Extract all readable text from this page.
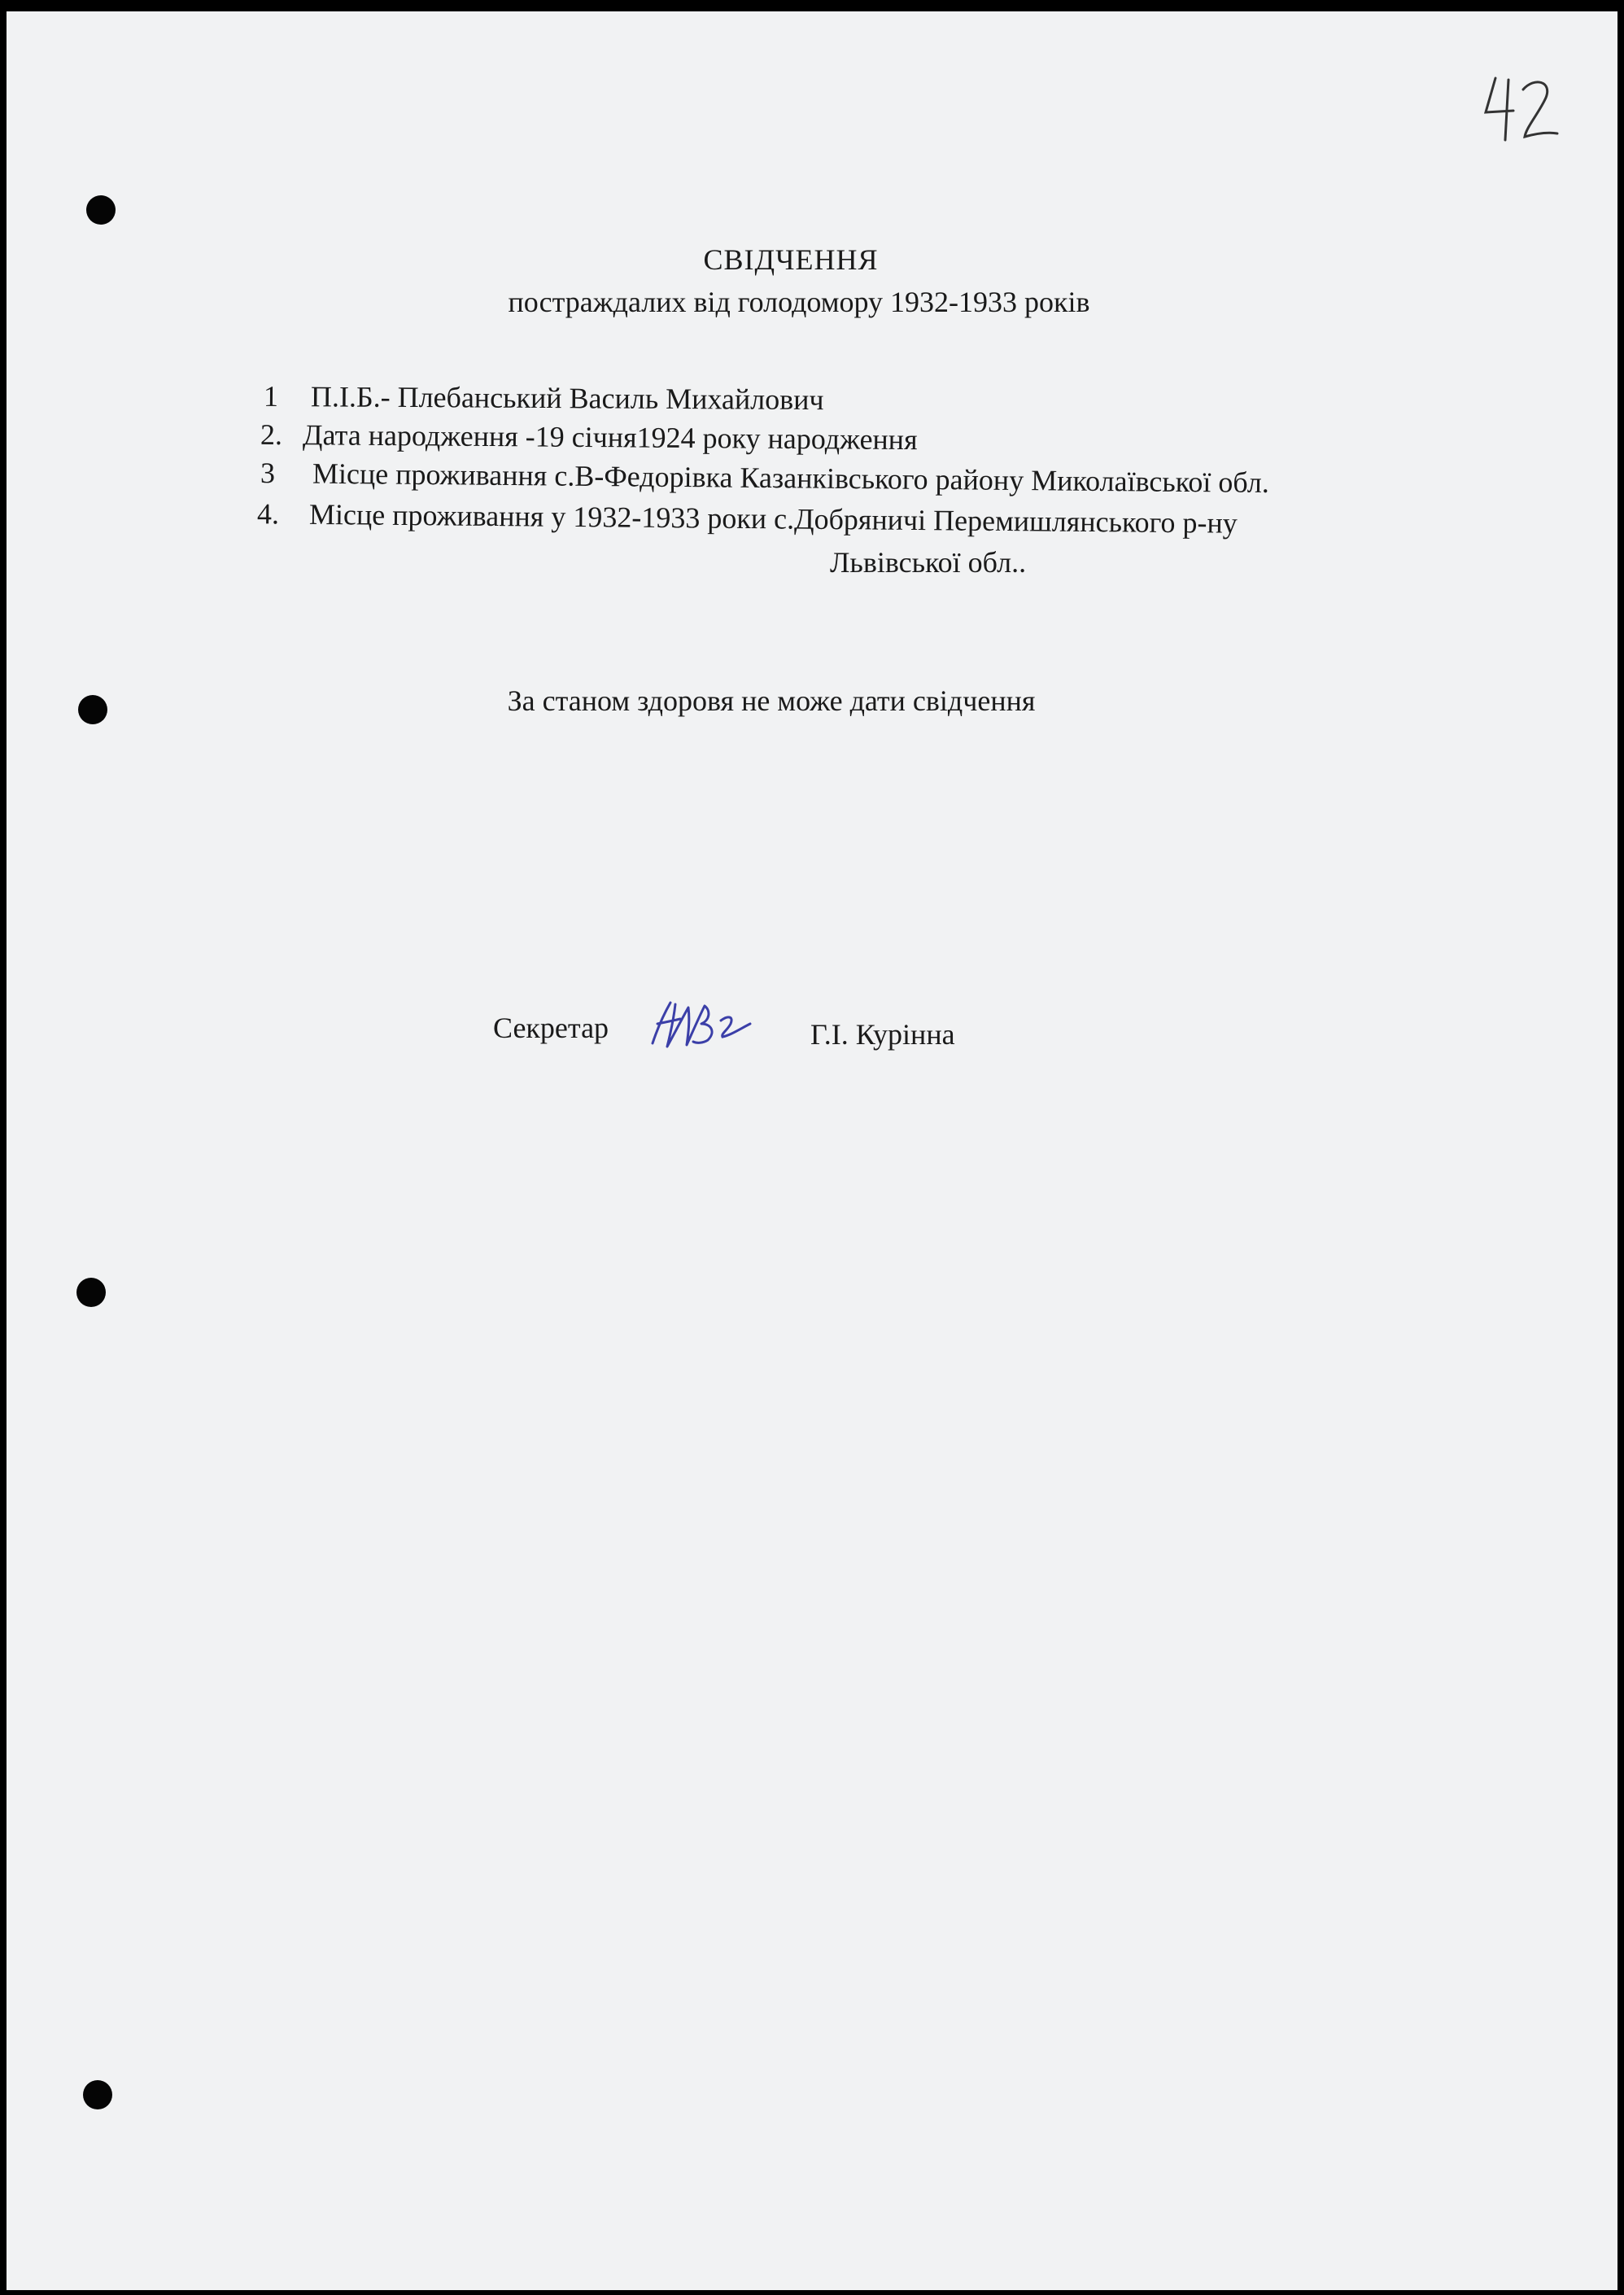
СВІДЧЕННЯ
постраждалих від голодомору 1932-1933 років
1 П.І.Б.- Плебанський Василь Михайлович
2. Дата народження -19 січня1924 року народження
3 Місце проживання с.В-Федорівка Казанківського району Миколаївської обл.
4. Місце проживання у 1932-1933 роки с.Добряничі Перемишлянського р-ну
Львівської обл..
За станом здоровя не може дати свідчення
Секретар	Г.І. Курінна
